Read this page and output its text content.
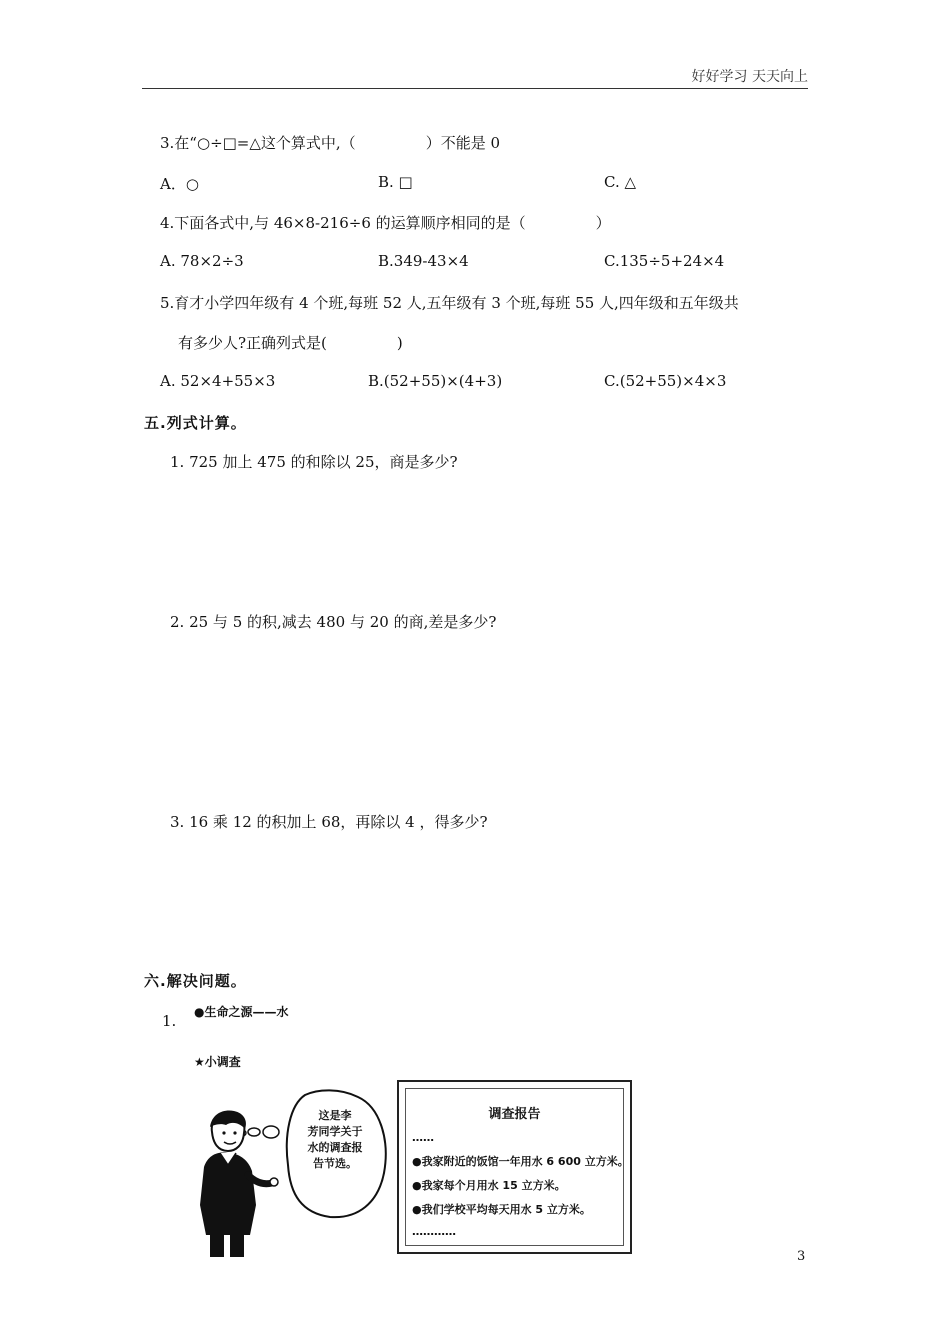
好好学习 天天向上
3.在“○÷□=△这个算式中,（	）不能是 0
A．○	B. □	C. △
4.下面各式中,与 46×8-216÷6 的运算顺序相同的是（	）
A. 78×2÷3	B.349-43×4	C.135÷5+24×4
5.育才小学四年级有 4 个班,每班 52 人,五年级有 3 个班,每班 55 人,四年级和五年级共
有多少人?正确列式是(	)
A. 52×4+55×3	B.(52+55)×(4+3)	C.(52+55)×4×3
五.列式计算。
1. 725 加上 475 的和除以 25，商是多少?
2. 25 与 5 的积,减去 480 与 20 的商,差是多少?
3. 16 乘 12 的积加上 68，再除以 4 ，得多少?
六.解决问题。
1. ●生命之源——水
★小调查
这是李
芳同学关于
水的调查报
告节选。
调查报告
……
●我家附近的饭馆一年用水 6 600 立方米。
●我家每个月用水 15 立方米。
●我们学校平均每天用水 5 立方米。
…………
3
